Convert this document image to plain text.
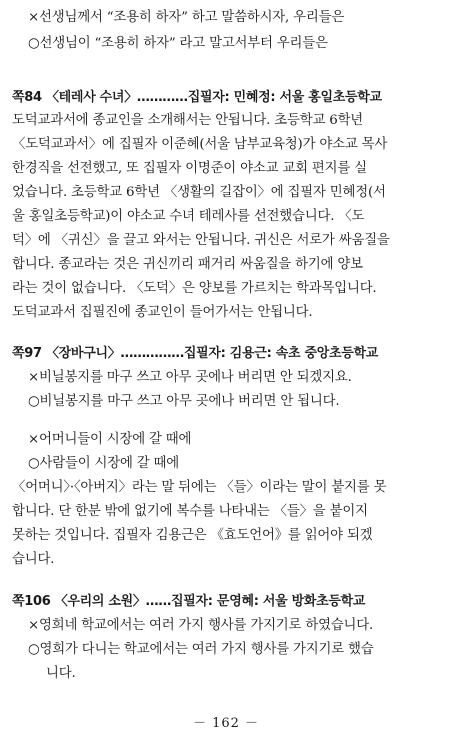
×선생님께서 “조용히 하자” 하고 말씀하시자, 우리들은
○선생님이 “조용히 하자” 라고 말고서부터 우리들은
쪽84 〈테레사 수녀〉…………집필자: 민혜정: 서울 홍일초등학교
도덕교과서에 종교인을 소개해서는 안됩니다. 초등학교 6학년
〈도덕교과서〉에 집필자 이준혜(서울 남부교육청)가 야소교 목사
한경직을 선전했고, 또 집필자 이명준이 야소교 교회 편지를 실
었습니다. 초등학교 6학년 〈생활의 길잡이〉에 집필자 민혜정(서
울 홍일초등학교)이 야소교 수녀 테레사를 선전했습니다. 〈도
덕〉에 〈귀신〉을 끌고 와서는 안됩니다. 귀신은 서로가 싸움질을
합니다. 종교라는 것은 귀신끼리 패거리 싸움질을 하기에 양보
라는 것이 없습니다. 〈도덕〉은 양보를 가르치는 학과목입니다.
도덕교과서 집필진에 종교인이 들어가서는 안됩니다.
쪽97 〈장바구니〉……………집필자: 김용근: 속초 중앙초등학교
×비닐봉지를 마구 쓰고 아무 곳에나 버리면 안 되겠지요.
○비닐봉지를 마구 쓰고 아무 곳에나 버리면 안 됩니다.
×어머니들이 시장에 갈 때에
○사람들이 시장에 갈 때에
〈어머니〉·〈아버지〉라는 말 뒤에는 〈들〉이라는 말이 붙지를 못
합니다. 단 한분 밖에 없기에 복수를 나타내는 〈들〉을 붙이지
못하는 것입니다. 집필자 김용근은 《효도언어》를 읽어야 되겠
습니다.
쪽106 〈우리의 소원〉……집필자: 문영혜: 서울 방화초등학교
×영희네 학교에서는 여러 가지 행사를 가지기로 하였습니다.
○영희가 다니는 학교에서는 여러 가지 행사를 가지기로 했습
니다.
－ 162 －
